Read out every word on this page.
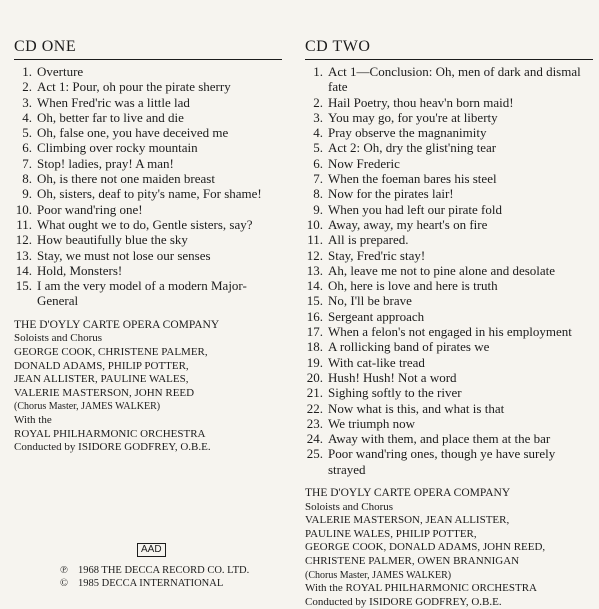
CD ONE
1. Overture
2. Act 1: Pour, oh pour the pirate sherry
3. When Fred'ric was a little lad
4. Oh, better far to live and die
5. Oh, false one, you have deceived me
6. Climbing over rocky mountain
7. Stop! ladies, pray! A man!
8. Oh, is there not one maiden breast
9. Oh, sisters, deaf to pity's name, For shame!
10. Poor wand'ring one!
11. What ought we to do, Gentle sisters, say?
12. How beautifully blue the sky
13. Stay, we must not lose our senses
14. Hold, Monsters!
15. I am the very model of a modern Major-General
THE D'OYLY CARTE OPERA COMPANY
Soloists and Chorus
GEORGE COOK, CHRISTENE PALMER,
DONALD ADAMS, PHILIP POTTER,
JEAN ALLISTER, PAULINE WALES,
VALERIE MASTERSON, JOHN REED
(Chorus Master, JAMES WALKER)
With the
ROYAL PHILHARMONIC ORCHESTRA
Conducted by ISIDORE GODFREY, O.B.E.
CD TWO
1. Act 1—Conclusion: Oh, men of dark and dismal fate
2. Hail Poetry, thou heav'n born maid!
3. You may go, for you're at liberty
4. Pray observe the magnanimity
5. Act 2: Oh, dry the glist'ning tear
6. Now Frederic
7. When the foeman bares his steel
8. Now for the pirates lair!
9. When you had left our pirate fold
10. Away, away, my heart's on fire
11. All is prepared.
12. Stay, Fred'ric stay!
13. Ah, leave me not to pine alone and desolate
14. Oh, here is love and here is truth
15. No, I'll be brave
16. Sergeant approach
17. When a felon's not engaged in his employment
18. A rollicking band of pirates we
19. With cat-like tread
20. Hush! Hush! Not a word
21. Sighing softly to the river
22. Now what is this, and what is that
23. We triumph now
24. Away with them, and place them at the bar
25. Poor wand'ring ones, though ye have surely strayed
THE D'OYLY CARTE OPERA COMPANY
Soloists and Chorus
VALERIE MASTERSON, JEAN ALLISTER,
PAULINE WALES, PHILIP POTTER,
GEORGE COOK, DONALD ADAMS, JOHN REED,
CHRISTENE PALMER, OWEN BRANNIGAN
(Chorus Master, JAMES WALKER)
With the ROYAL PHILHARMONIC ORCHESTRA
Conducted by ISIDORE GODFREY, O.B.E.
AAD
℗ 1968 THE DECCA RECORD CO. LTD.
© 1985 DECCA INTERNATIONAL
